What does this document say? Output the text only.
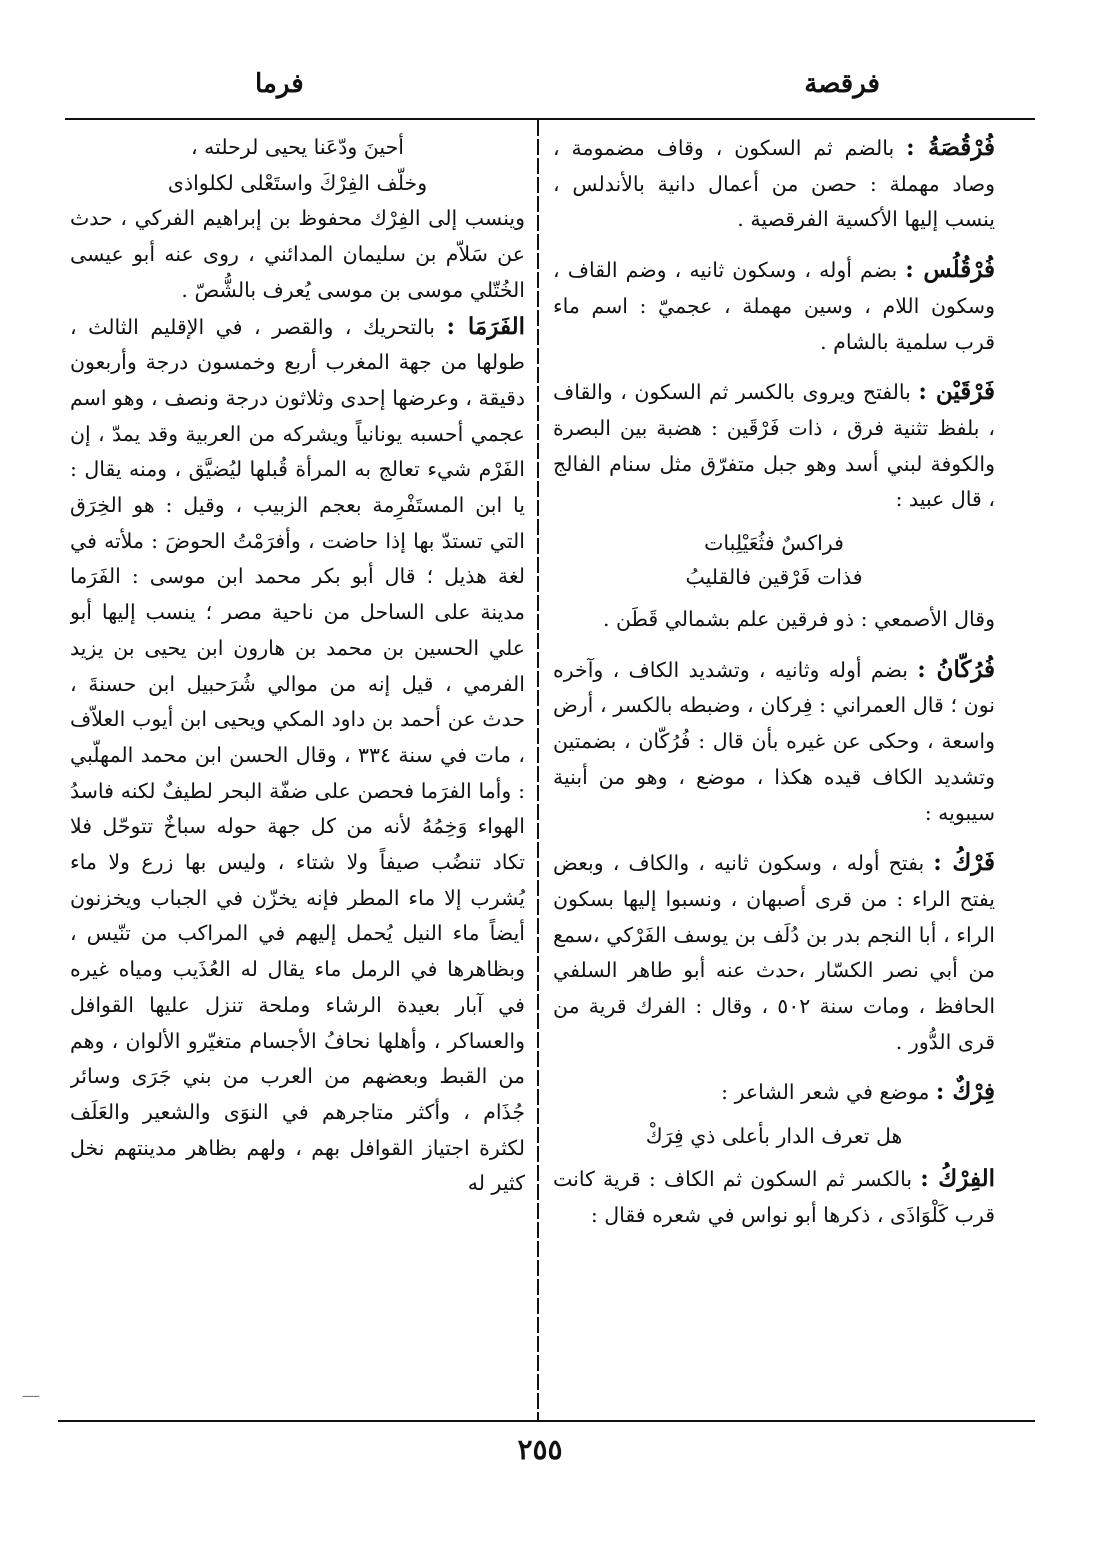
فرقصة
فرما

فُرْقُصَةُ : بالضم ثم السكون ، وقاف مضمومة ، وصاد مهملة : حصن من أعمال دانية بالأندلس ، ينسب إليها الأكسية الفرقصية .

فُرْقُلُس : بضم أوله ، وسكون ثانيه ، وضم القاف ، وسكون اللام ، وسين مهملة ، عجميّ : اسم ماء قرب سلمية بالشام .

فَرْقَيْن : بالفتح ويروى بالكسر ثم السكون ، والقاف ، بلفظ تثنية فرق ، ذات فَرْقَين : هضبة بين البصرة والكوفة لبني أسد وهو جبل متفرّق مثل سنام الفالج ، قال عبيد :

فراكسٌ فثُعَيْلِبات
فذات فَرْقين فالقليبُ

وقال الأصمعي : ذو فرقين علم بشمالي قَطَن .

فُرُكّانُ : بضم أوله وثانيه ، وتشديد الكاف ، وآخره نون ؛ قال العمراني : فِركان ، وضبطه بالكسر ، أرض واسعة ، وحكى عن غيره بأن قال : فُرُكّان ، بضمتين وتشديد الكاف قيده هكذا ، موضع ، وهو من أبنية سيبويه :

فَرْكُ : بفتح أوله ، وسكون ثانيه ، والكاف ، وبعض يفتح الراء : من قرى أصبهان ، ونسبوا إليها بسكون الراء ، أبا النجم بدر بن دُلَف بن يوسف الفَرْكي ،سمع من أبي نصر الكسّار ،حدث عنه أبو طاهر السلفي الحافظ ، ومات سنة ٥٠٢ ، وقال : الفرك قرية من قرى الدُّور .

فِرْكٌ : موضع في شعر الشاعر :

هل تعرف الدار بأعلى ذي فِرَكْ

الفِرْكُ : بالكسر ثم السكون ثم الكاف : قرية كانت قرب كَلْوَاذَى ، ذكرها أبو نواس في شعره فقال :

أحينَ ودّعَنا يحيى لرحلته ،
وخلّف الفِرْكَ واستَعْلى لكلواذى

وينسب إلى الفِرْك محفوظ بن إبراهيم الفركي ، حدث عن سَلاّم بن سليمان المدائني ، روى عنه أبو عيسى الخُتّلي موسى بن موسى يُعرف بالشُّصّ .

الفَرَمَا : بالتحريك ، والقصر ، في الإقليم الثالث ، طولها من جهة المغرب أربع وخمسون درجة وأربعون دقيقة ، وعرضها إحدى وثلاثون درجة ونصف ، وهو اسم عجمي أحسبه يونانياً ويشركه من العربية وقد يمدّ ، إن الفَرْم شيء تعالج به المرأة قُبلها ليُضيَّق ، ومنه يقال : يا ابن المستَفْرِمة بعجم الزبيب ، وقيل : هو الخِرَق التي تستدّ بها إذا حاضت ، وأفرَمْتُ الحوضَ : ملأته في لغة هذيل ؛ قال أبو بكر محمد ابن موسى : الفَرَما مدينة على الساحل من ناحية مصر ؛ ينسب إليها أبو علي الحسين بن محمد بن هارون ابن يحيى بن يزيد الفرمي ، قيل إنه من موالي شُرَحبيل ابن حسنةَ ، حدث عن أحمد بن داود المكي ويحيى ابن أيوب العلاّف ، مات في سنة ٣٣٤ ، وقال الحسن ابن محمد المهلّبي : وأما الفرَما فحصن على ضفّة البحر لطيفٌ لكنه فاسدُ الهواء وَخِمُهُ لأنه من كل جهة حوله سباخٌ تتوحّل فلا تكاد تنضُب صيفاً ولا شتاء ، وليس بها زرع ولا ماء يُشرب إلا ماء المطر فإنه يخزّن في الجباب ويخزنون أيضاً ماء النيل يُحمل إليهم في المراكب من تنّيس ، وبظاهرها في الرمل ماء يقال له العُذَيب ومياه غيره في آبار بعيدة الرشاء وملحة تنزل عليها القوافل والعساكر ، وأهلها نحافُ الأجسام متغيّرو الألوان ، وهم من القبط وبعضهم من العرب من بني جَرَى وسائر جُذَام ، وأكثر متاجرهم في النوَى والشعير والعَلَف لكثرة اجتياز القوافل بهم ، ولهم بظاهر مدينتهم نخل كثير له

٢٥٥
—
